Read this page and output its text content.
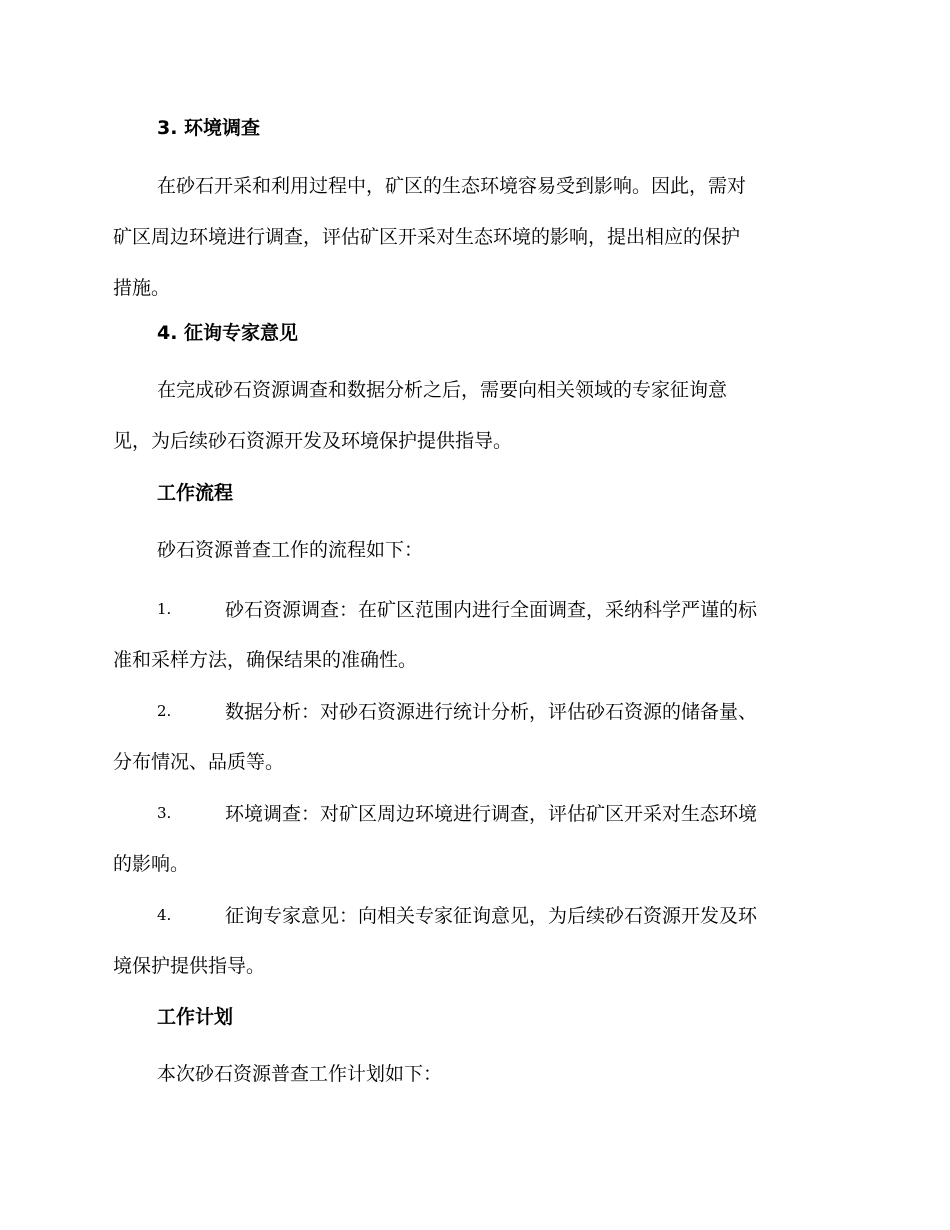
3. 环境调查
在砂石开采和利用过程中，矿区的生态环境容易受到影响。因此，需对
矿区周边环境进行调查，评估矿区开采对生态环境的影响，提出相应的保护
措施。
4. 征询专家意见
在完成砂石资源调查和数据分析之后，需要向相关领域的专家征询意
见，为后续砂石资源开发及环境保护提供指导。
工作流程
砂石资源普查工作的流程如下：
1.	砂石资源调查：在矿区范围内进行全面调查，采纳科学严谨的标
准和采样方法，确保结果的准确性。
2.	数据分析：对砂石资源进行统计分析，评估砂石资源的储备量、
分布情况、品质等。
3.	环境调查：对矿区周边环境进行调查，评估矿区开采对生态环境
的影响。
4.	征询专家意见：向相关专家征询意见，为后续砂石资源开发及环
境保护提供指导。
工作计划
本次砂石资源普查工作计划如下：
